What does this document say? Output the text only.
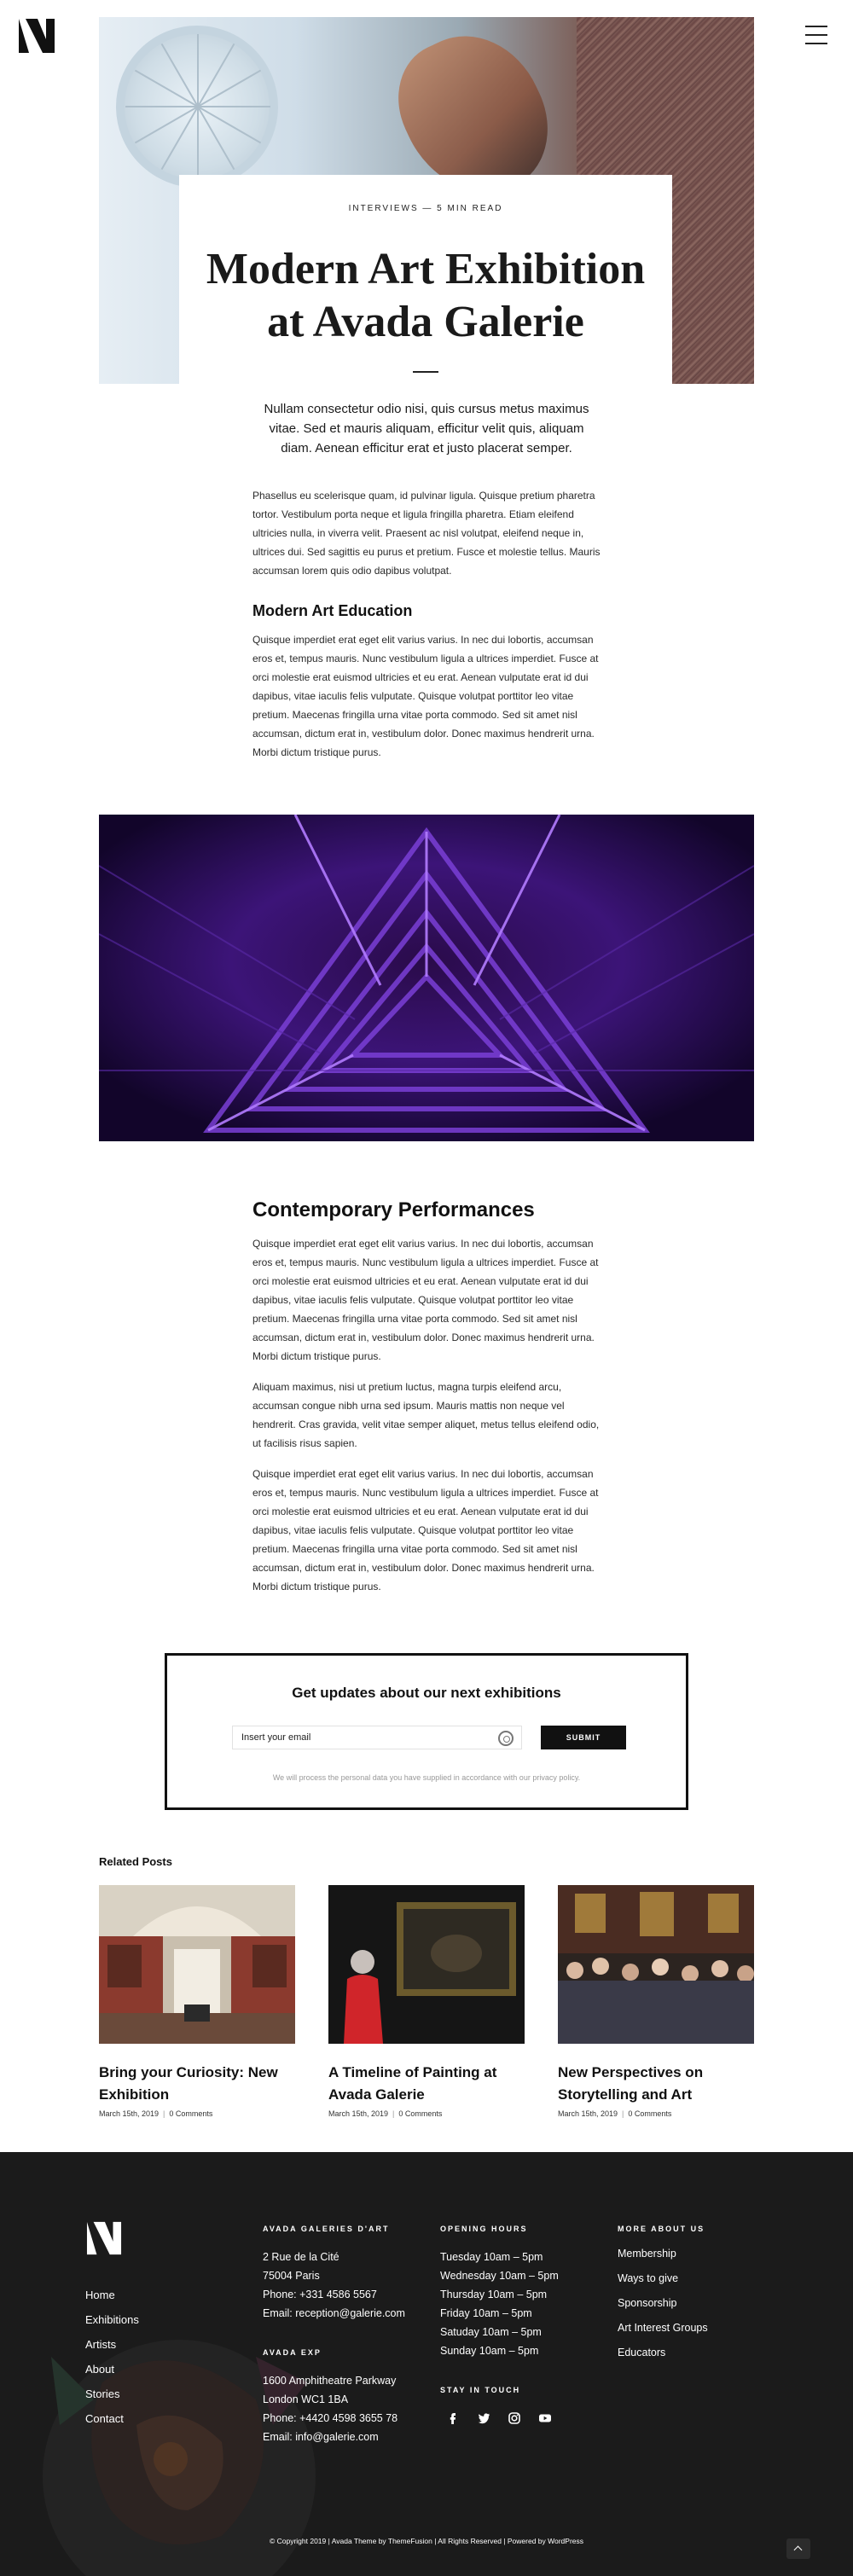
INTERVIEWS — 5 MIN READ
Modern Art Exhibition
at Avada Galerie

Nullam consectetur odio nisi, quis cursus metus maximus vitae. Sed et mauris aliquam, efficitur velit quis, aliquam diam. Aenean efficitur erat et justo placerat semper.

Phasellus eu scelerisque quam, id pulvinar ligula. Quisque pretium pharetra tortor. Vestibulum porta neque et ligula fringilla pharetra. Etiam eleifend ultricies nulla, in viverra velit. Praesent ac nisl volutpat, eleifend neque in, ultrices dui. Sed sagittis eu purus et pretium. Fusce et molestie tellus. Mauris accumsan lorem quis odio dapibus volutpat.

Modern Art Education

Quisque imperdiet erat eget elit varius varius. In nec dui lobortis, accumsan eros et, tempus mauris. Nunc vestibulum ligula a ultrices imperdiet. Fusce at orci molestie erat euismod ultricies et eu erat. Aenean vulputate erat id dui dapibus, vitae iaculis felis vulputate. Quisque volutpat porttitor leo vitae pretium. Maecenas fringilla urna vitae porta commodo. Sed sit amet nisl accumsan, dictum erat in, vestibulum dolor. Donec maximus hendrerit urna. Morbi dictum tristique purus.

Contemporary Performances

Quisque imperdiet erat eget elit varius varius. In nec dui lobortis, accumsan eros et, tempus mauris. Nunc vestibulum ligula a ultrices imperdiet. Fusce at orci molestie erat euismod ultricies et eu erat. Aenean vulputate erat id dui dapibus, vitae iaculis felis vulputate. Quisque volutpat porttitor leo vitae pretium. Maecenas fringilla urna vitae porta commodo. Sed sit amet nisl accumsan, dictum erat in, vestibulum dolor. Donec maximus hendrerit urna. Morbi dictum tristique purus.

Aliquam maximus, nisi ut pretium luctus, magna turpis eleifend arcu, accumsan congue nibh urna sed ipsum. Mauris mattis non neque vel hendrerit. Cras gravida, velit vitae semper aliquet, metus tellus eleifend odio, ut facilisis risus sapien.

Quisque imperdiet erat eget elit varius varius. In nec dui lobortis, accumsan eros et, tempus mauris. Nunc vestibulum ligula a ultrices imperdiet. Fusce at orci molestie erat euismod ultricies et eu erat. Aenean vulputate erat id dui dapibus, vitae iaculis felis vulputate. Quisque volutpat porttitor leo vitae pretium. Maecenas fringilla urna vitae porta commodo. Sed sit amet nisl accumsan, dictum erat in, vestibulum dolor. Donec maximus hendrerit urna. Morbi dictum tristique purus.

Get updates about our next exhibitions
Insert your email
SUBMIT
We will process the personal data you have supplied in accordance with our privacy policy.
Related Posts
Bring your Curiosity: New Exhibition
March 15th, 2019 | 0 Comments
A Timeline of Painting at Avada Galerie
March 15th, 2019 | 0 Comments
New Perspectives on Storytelling and Art
March 15th, 2019 | 0 Comments
Home
Exhibitions
Artists
About
Stories
Contact
AVADA GALERIES D'ART
2 Rue de la Cité
75004 Paris
Phone: +331 4586 5567
Email: reception@galerie.com
AVADA EXP
1600 Amphitheatre Parkway
London WC1 1BA
Phone: +4420 4598 3655 78
Email: info@galerie.com
OPENING HOURS
Tuesday 10am – 5pm
Wednesday 10am – 5pm
Thursday 10am – 5pm
Friday 10am – 5pm
Satuday 10am – 5pm
Sunday 10am – 5pm
STAY IN TOUCH
MORE ABOUT US
Membership
Ways to give
Sponsorship
Art Interest Groups
Educators
© Copyright 2019 | Avada Theme by ThemeFusion | All Rights Reserved | Powered by WordPress
